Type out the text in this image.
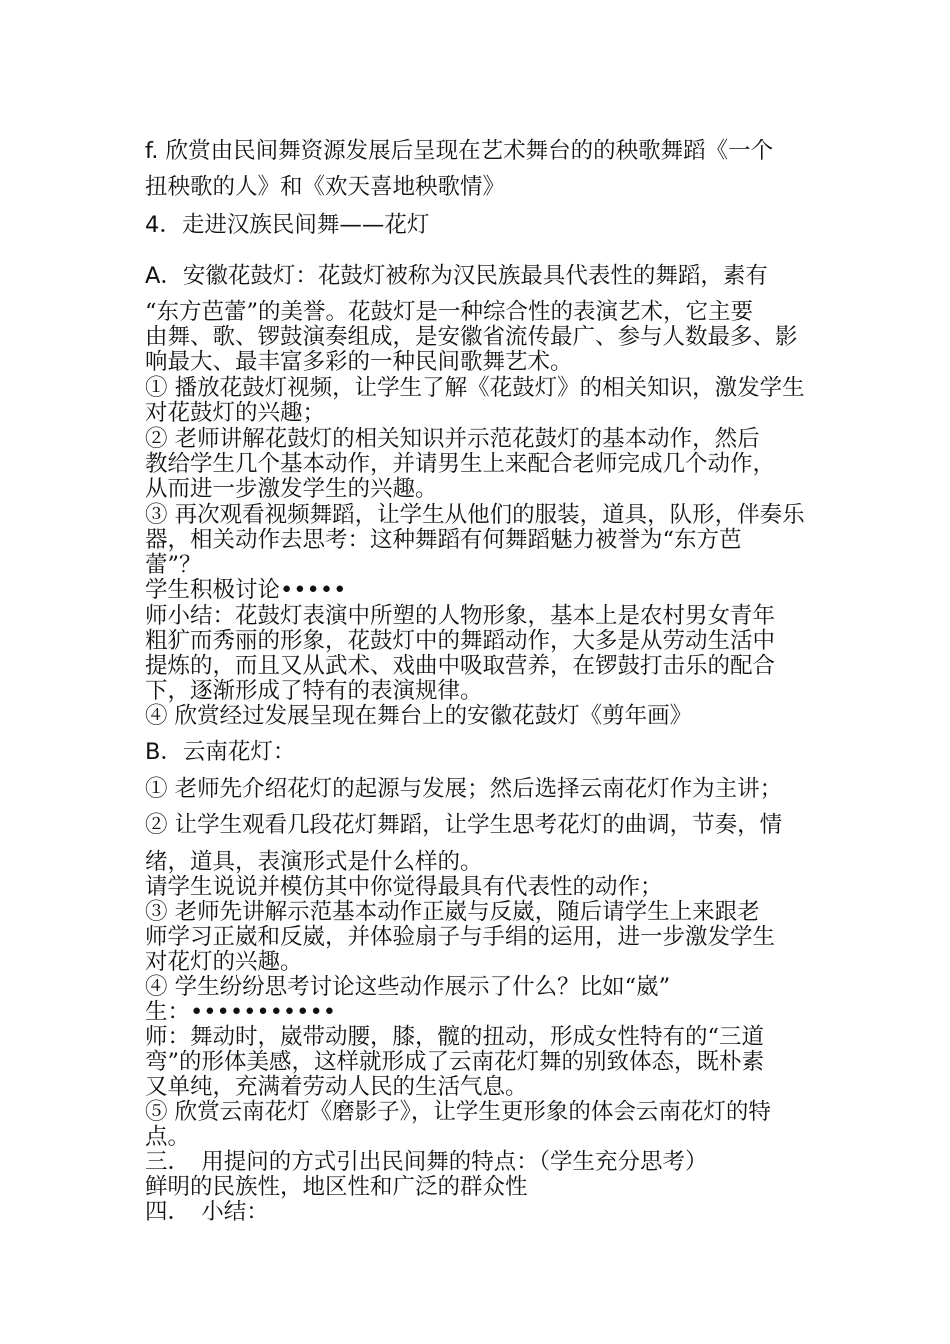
f. 欣赏由民间舞资源发展后呈现在艺术舞台的的秧歌舞蹈《一个
扭秧歌的人》和《欢天喜地秧歌情》
4．走进汉族民间舞——花灯
A．安徽花鼓灯：花鼓灯被称为汉民族最具代表性的舞蹈，素有
“东方芭蕾”的美誉。花鼓灯是一种综合性的表演艺术，它主要
由舞、歌、锣鼓演奏组成，是安徽省流传最广、参与人数最多、影
响最大、最丰富多彩的一种民间歌舞艺术。
① 播放花鼓灯视频，让学生了解《花鼓灯》的相关知识，激发学生
对花鼓灯的兴趣；
② 老师讲解花鼓灯的相关知识并示范花鼓灯的基本动作，然后
教给学生几个基本动作，并请男生上来配合老师完成几个动作，
从而进一步激发学生的兴趣。
③ 再次观看视频舞蹈，让学生从他们的服装，道具，队形，伴奏乐
器，相关动作去思考：这种舞蹈有何舞蹈魅力被誉为“东方芭
蕾”？
学生积极讨论•••••
师小结：花鼓灯表演中所塑的人物形象，基本上是农村男女青年
粗犷而秀丽的形象，花鼓灯中的舞蹈动作，大多是从劳动生活中
提炼的，而且又从武术、戏曲中吸取营养，在锣鼓打击乐的配合
下，逐渐形成了特有的表演规律。
④ 欣赏经过发展呈现在舞台上的安徽花鼓灯《剪年画》
B．云南花灯：
① 老师先介绍花灯的起源与发展；然后选择云南花灯作为主讲；
② 让学生观看几段花灯舞蹈，让学生思考花灯的曲调，节奏，情
绪，道具，表演形式是什么样的。
请学生说说并模仿其中你觉得最具有代表性的动作；
③ 老师先讲解示范基本动作正崴与反崴，随后请学生上来跟老
师学习正崴和反崴，并体验扇子与手绢的运用，进一步激发学生
对花灯的兴趣。
④ 学生纷纷思考讨论这些动作展示了什么？比如“崴”
生：•••••••••••
师：舞动时，崴带动腰，膝，髋的扭动，形成女性特有的“三道
弯”的形体美感，这样就形成了云南花灯舞的别致体态，既朴素
又单纯，充满着劳动人民的生活气息。
⑤ 欣赏云南花灯《磨影子》，让学生更形象的体会云南花灯的特
点。
三．　用提问的方式引出民间舞的特点：（学生充分思考）
鲜明的民族性，地区性和广泛的群众性
四．　小结：
